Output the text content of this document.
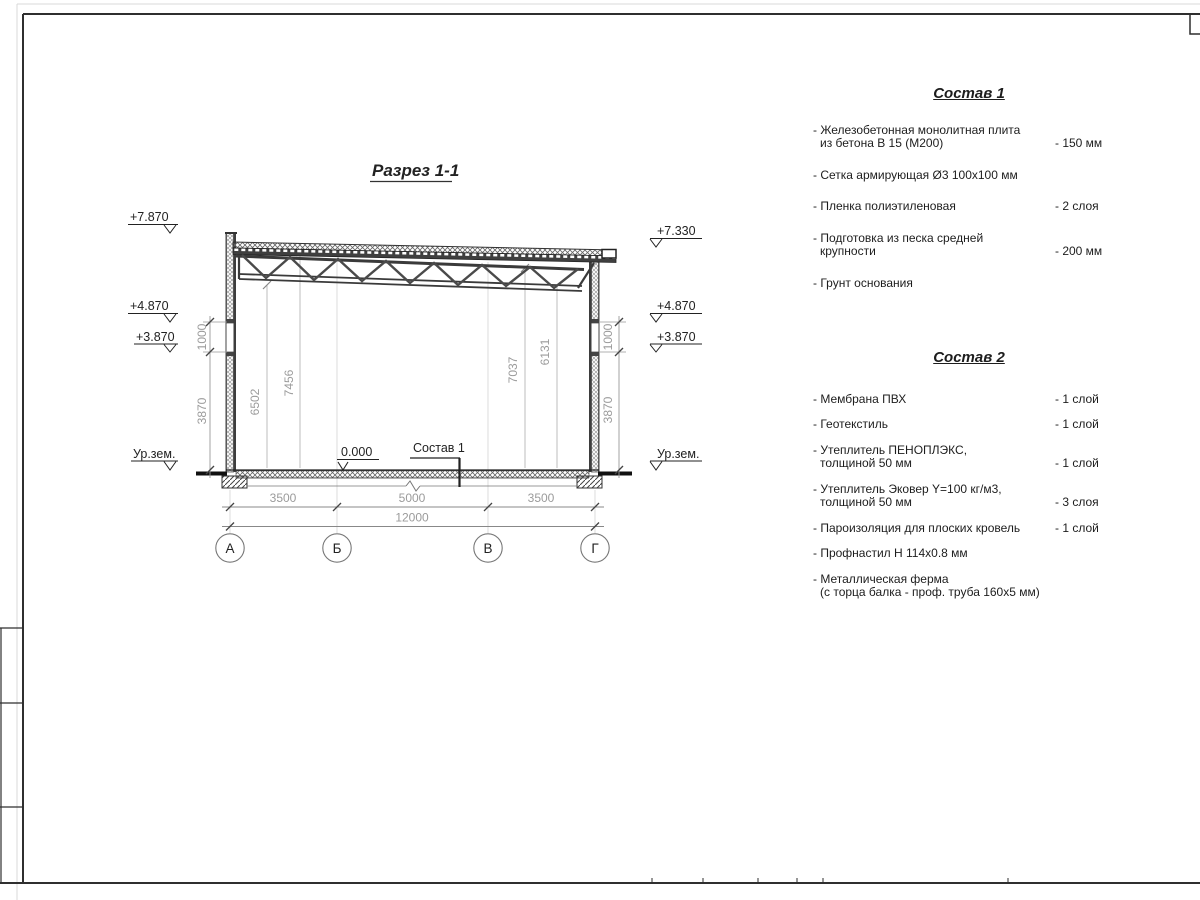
6502
7456	7037
6131
3500	5000	3500
12000
А	Б	В	Г
1000
3870
1000
3870
+7.870
+4.870
+3.870
Ур.зем.
+7.330
+4.870
+3.870
Ур.зем.
0.000	Состав 1
Разрез 1-1
Состав 1
- Железобетонная монолитная плита
из бетона В 15 (М200)	- 150 мм
- Сетка армирующая Ø3 100х100 мм
- Пленка полиэтиленовая	- 2 слоя
- Подготовка из песка средней
крупности	- 200 мм
- Грунт основания
Состав 2
- Мембрана ПВХ	- 1 слой
- Геотекстиль	- 1 слой
- Утеплитель ПЕНОПЛЭКС,
толщиной 50 мм	- 1 слой
- Утеплитель Эковер Y=100 кг/м3,
толщиной 50 мм	- 3 слоя
- Пароизоляция для плоских кровель	- 1 слой
- Профнастил Н 114х0.8 мм
- Металлическая ферма
(с торца балка - проф. труба 160х5 мм)
